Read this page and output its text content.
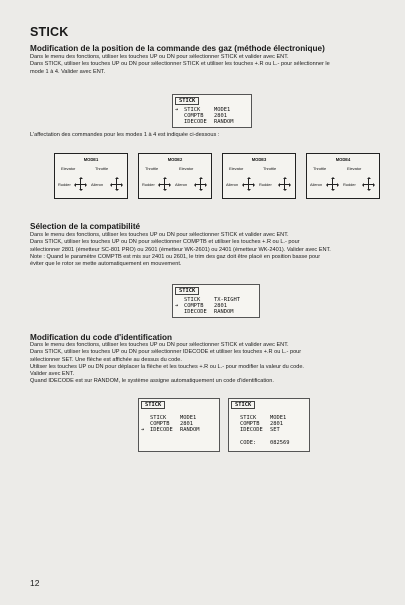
STICK
Modification de la position de la commande des gaz (méthode électronique)
Dans le menu des fonctions, utiliser les touches UP ou DN pour sélectionner STICK et valider avec ENT.
Dans STICK, utiliser les touches UP ou DN pour sélectionner STICK et utiliser les touches +.R ou L.- pour sélectionner le
mode 1 à 4. Valider avec ENT.
STICK
➔ STICK	MODE1
COMPTB 2801
IDECODE RANDOM
L'affectation des commandes pour les modes 1 à 4 est indiquée ci-dessous :
MODE1
Elevator	Throttle
Rudder	Aileron
MODE2
Throttle	Elevator
Rudder	Aileron
MODE3
Elevator	Throttle
Aileron	Rudder
MODE4
Throttle	Elevator
Aileron	Rudder
Sélection de la compatibilité
Dans le menu des fonctions, utiliser les touches UP ou DN pour sélectionner STICK et valider avec ENT.
Dans STICK, utiliser les touches UP ou DN pour sélectionner COMPTB et utiliser les touches +.R ou L.- pour
sélectionner 2801 (émetteur SC-801 PRO) ou 2601 (émetteur WK-2601) ou 2401 (émetteur WK-2401). Valider avec ENT.
Note : Quand le paramètre COMPTB est mis sur 2401 ou 2601, le trim des gaz doit être placé en position basse pour
éviter que le rotor se mette automatiquement en mouvement.
STICK
STICK	TX-RIGHT
➔ COMPTB 2801
IDECODE RANDOM
Modification du code d'identification
Dans le menu des fonctions, utiliser les touches UP ou DN pour sélectionner STICK et valider avec ENT.
Dans STICK, utiliser les touches UP ou DN pour sélectionner IDECODE et utiliser les touches +.R ou L.- pour
sélectionner SET. Une flèche est affichée au dessus du code.
Utiliser les touches UP ou DN pour déplacer la flèche et les touches +.R ou L.- pour modifier la valeur du code.
Valider avec ENT.
Quand IDECODE est sur RANDOM, le système assigne automatiquement un code d'identification.
STICK
STICK	MODE1
COMPTB 2801
➔ IDECODE RANDOM
STICK
STICK	MODE1
COMPTB 2801
IDECODE SET
CODE:	082569
12
